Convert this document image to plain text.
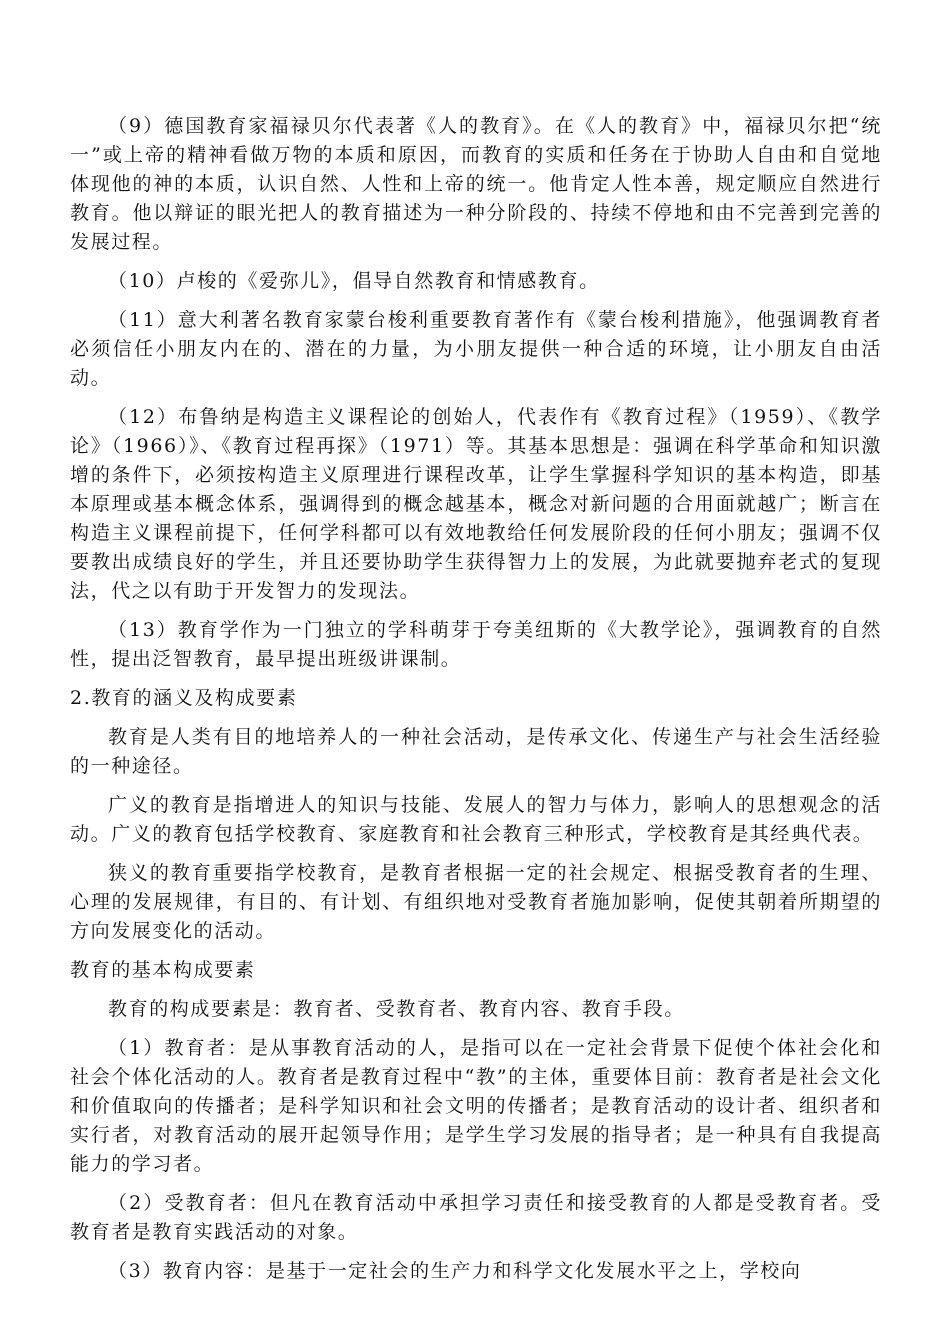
（9）德国教育家福禄贝尔代表著《人的教育》。在《人的教育》中，福禄贝尔把“统一”或上帝的精神看做万物的本质和原因，而教育的实质和任务在于协助人自由和自觉地体现他的神的本质，认识自然、人性和上帝的统一。他肯定人性本善，规定顺应自然进行教育。他以辩证的眼光把人的教育描述为一种分阶段的、持续不停地和由不完善到完善的发展过程。

（10）卢梭的《爱弥儿》，倡导自然教育和情感教育。

（11）意大利著名教育家蒙台梭利重要教育著作有《蒙台梭利措施》，他强调教育者必须信任小朋友内在的、潜在的力量，为小朋友提供一种合适的环境，让小朋友自由活动。

（12）布鲁纳是构造主义课程论的创始人，代表作有《教育过程》（1959）、《教学论》（1966）》、《教育过程再探》（1971）等。其基本思想是：强调在科学革命和知识激增的条件下，必须按构造主义原理进行课程改革，让学生掌握科学知识的基本构造，即基本原理或基本概念体系，强调得到的概念越基本，概念对新问题的合用面就越广；断言在构造主义课程前提下，任何学科都可以有效地教给任何发展阶段的任何小朋友；强调不仅要教出成绩良好的学生，并且还要协助学生获得智力上的发展，为此就要抛弃老式的复现法，代之以有助于开发智力的发现法。

（13）教育学作为一门独立的学科萌芽于夸美纽斯的《大教学论》，强调教育的自然性，提出泛智教育，最早提出班级讲课制。

2.教育的涵义及构成要素

教育是人类有目的地培养人的一种社会活动，是传承文化、传递生产与社会生活经验的一种途径。

广义的教育是指增进人的知识与技能、发展人的智力与体力，影响人的思想观念的活动。广义的教育包括学校教育、家庭教育和社会教育三种形式，学校教育是其经典代表。

狭义的教育重要指学校教育，是教育者根据一定的社会规定、根据受教育者的生理、心理的发展规律，有目的、有计划、有组织地对受教育者施加影响，促使其朝着所期望的方向发展变化的活动。

教育的基本构成要素

教育的构成要素是：教育者、受教育者、教育内容、教育手段。

（1）教育者：是从事教育活动的人，是指可以在一定社会背景下促使个体社会化和社会个体化活动的人。教育者是教育过程中“教”的主体，重要体目前：教育者是社会文化和价值取向的传播者；是科学知识和社会文明的传播者；是教育活动的设计者、组织者和实行者，对教育活动的展开起领导作用；是学生学习发展的指导者；是一种具有自我提高能力的学习者。

（2）受教育者：但凡在教育活动中承担学习责任和接受教育的人都是受教育者。受教育者是教育实践活动的对象。

（3）教育内容：是基于一定社会的生产力和科学文化发展水平之上，学校向
